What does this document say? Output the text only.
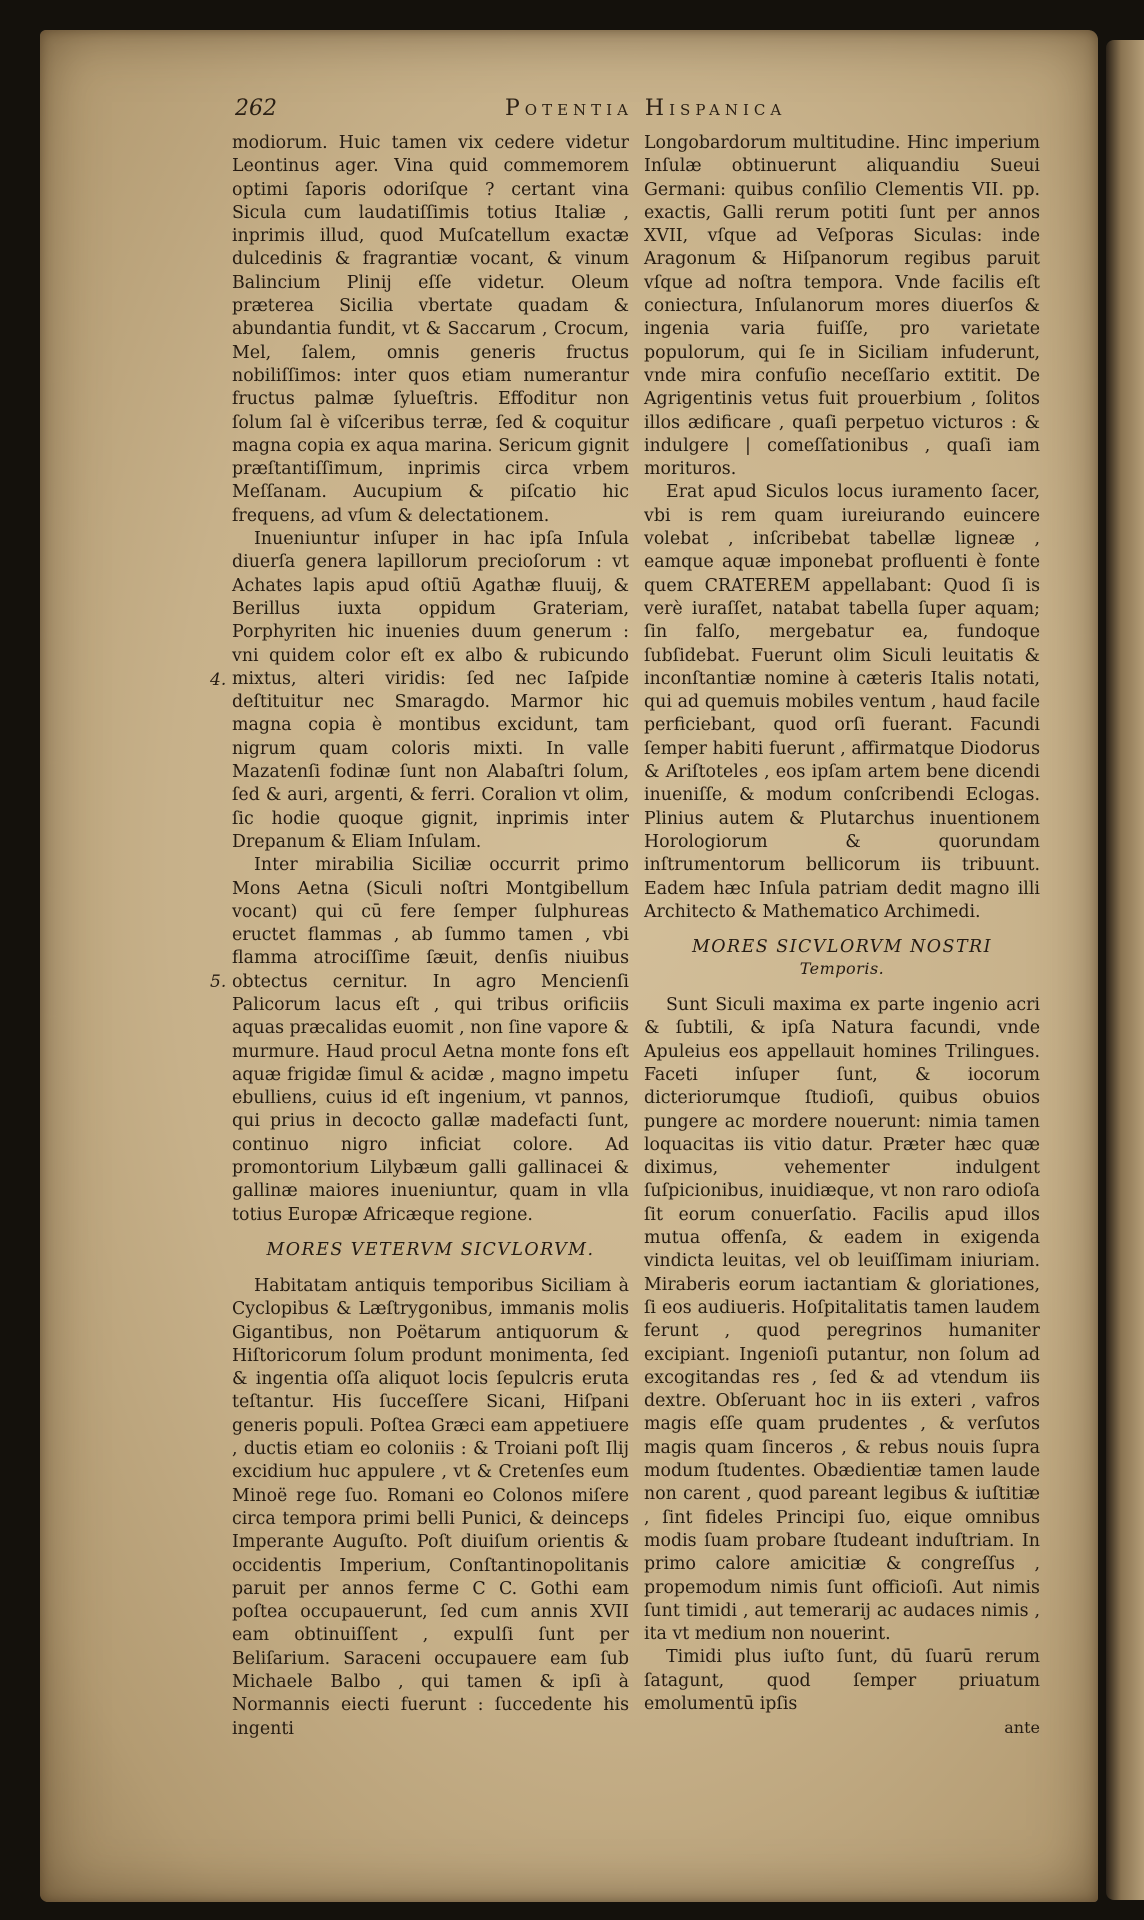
262	Potentia Hispanica
4.
5.

modiorum. Huic tamen vix cedere videtur Leontinus ager. Vina quid commemorem optimi ſaporis odoriſque ? certant vina Sicula cum laudatiſſimis totius Italiæ , inprimis illud, quod Muſcatellum exactæ dulcedinis & fragrantiæ vocant, & vinum Balincium Plinij eſſe videtur. Oleum præterea Sicilia vbertate quadam & abundantia fundit, vt & Saccarum , Crocum, Mel, ſalem, omnis generis fructus nobiliſſimos: inter quos etiam numerantur fructus palmæ ſylueſtris. Effoditur non ſolum ſal è viſceribus terræ, ſed & coquitur magna copia ex aqua marina. Sericum gignit præſtantiſſimum, inprimis circa vrbem Meſſanam. Aucupium & piſcatio hic frequens, ad vſum & delectationem.

Inueniuntur inſuper in hac ipſa Inſula diuerſa genera lapillorum precioſorum : vt Achates lapis apud oſtiū Agathæ fluuij, & Berillus iuxta oppidum Grateriam, Porphyriten hic inuenies duum generum : vni quidem color eſt ex albo & rubicundo mixtus, alteri viridis: ſed nec Iaſpide deſtituitur nec Smaragdo. Marmor hic magna copia è montibus excidunt, tam nigrum quam coloris mixti. In valle Mazatenſi fodinæ ſunt non Alabaſtri ſolum, ſed & auri, argenti, & ferri. Coralion vt olim, ſic hodie quoque gignit, inprimis inter Drepanum & Eliam Inſulam.

Inter mirabilia Siciliæ occurrit primo Mons Aetna (Siculi noſtri Montgibellum vocant) qui cū fere ſemper ſulphureas eructet flammas , ab ſummo tamen , vbi flamma atrociſſime ſæuit, denſis niuibus obtectus cernitur. In agro Mencienſi Palicorum lacus eſt , qui tribus orificiis aquas præcalidas euomit , non ſine vapore & murmure. Haud procul Aetna monte fons eſt aquæ frigidæ ſimul & acidæ , magno impetu ebulliens, cuius id eſt ingenium, vt pannos, qui prius in decocto gallæ madefacti ſunt, continuo nigro inficiat colore. Ad promontorium Lilybæum galli gallinacei & gallinæ maiores inueniuntur, quam in vlla totius Europæ Africæque regione.

MORES VETERVM SICVLORVM.

Habitatam antiquis temporibus Siciliam à Cyclopibus & Læſtrygonibus, immanis molis Gigantibus, non Poëtarum antiquorum & Hiſtoricorum ſolum produnt monimenta, ſed & ingentia oſſa aliquot locis ſepulcris eruta teſtantur. His ſucceſſere Sicani, Hiſpani generis populi. Poſtea Græci eam appetiuere , ductis etiam eo coloniis : & Troiani poſt Ilij excidium huc appulere , vt & Cretenſes eum Minoë rege ſuo. Romani eo Colonos miſere circa tempora primi belli Punici, & deinceps Imperante Auguſto. Poſt diuiſum orientis & occidentis Imperium, Conſtantinopolitanis paruit per annos ferme C C. Gothi eam poſtea occupauerunt, ſed cum annis XVII eam obtinuiſſent , expulſi ſunt per Beliſarium. Saraceni occupauere eam ſub Michaele Balbo , qui tamen & ipſi à Normannis eiecti fuerunt : ſuccedente his ingenti

Longobardorum multitudine. Hinc imperium Inſulæ obtinuerunt aliquandiu Sueui Germani: quibus conſilio Clementis VII. pp. exactis, Galli rerum potiti ſunt per annos XVII, vſque ad Veſporas Siculas: inde Aragonum & Hiſpanorum regibus paruit vſque ad noſtra tempora. Vnde facilis eſt coniectura, Inſulanorum mores diuerſos & ingenia varia fuiſſe, pro varietate populorum, qui ſe in Siciliam infuderunt, vnde mira confuſio neceſſario extitit. De Agrigentinis vetus fuit prouerbium , ſolitos illos ædificare , quaſi perpetuo victuros : & indulgere | comeſſationibus , quaſi iam morituros.

Erat apud Siculos locus iuramento ſacer, vbi is rem quam iureiurando euincere volebat , inſcribebat tabellæ ligneæ , eamque aquæ imponebat profluenti è fonte quem CRATEREM appellabant: Quod ſi is verè iuraſſet, natabat tabella ſuper aquam; ſin falſo, mergebatur ea, fundoque ſubſidebat. Fuerunt olim Siculi leuitatis & inconſtantiæ nomine à cæteris Italis notati, qui ad quemuis mobiles ventum , haud facile perficiebant, quod orſi fuerant. Facundi ſemper habiti fuerunt , affirmatque Diodorus & Ariſtoteles , eos ipſam artem bene dicendi inueniſſe, & modum conſcribendi Eclogas. Plinius autem & Plutarchus inuentionem Horologiorum & quorundam inſtrumentorum bellicorum iis tribuunt. Eadem hæc Inſula patriam dedit magno illi Architecto & Mathematico Archimedi.

MORES SICVLORVM NOSTRI
Temporis.

Sunt Siculi maxima ex parte ingenio acri & ſubtili, & ipſa Natura facundi, vnde Apuleius eos appellauit homines Trilingues. Faceti inſuper ſunt, & iocorum dicteriorumque ſtudioſi, quibus obuios pungere ac mordere nouerunt: nimia tamen loquacitas iis vitio datur. Præter hæc quæ diximus, vehementer indulgent ſuſpicionibus, inuidiæque, vt non raro odioſa ſit eorum conuerſatio. Facilis apud illos mutua offenſa, & eadem in exigenda vindicta leuitas, vel ob leuiſſimam iniuriam. Miraberis eorum iactantiam & gloriationes, ſi eos audiueris. Hoſpitalitatis tamen laudem ferunt , quod peregrinos humaniter excipiant. Ingenioſi putantur, non ſolum ad excogitandas res , ſed & ad vtendum iis dextre. Obſeruant hoc in iis exteri , vafros magis eſſe quam prudentes , & verſutos magis quam ſinceros , & rebus nouis ſupra modum ſtudentes. Obædientiæ tamen laude non carent , quod pareant legibus & iuſtitiæ , ſint fideles Principi ſuo, eique omnibus modis ſuam probare ſtudeant induſtriam. In primo calore amicitiæ & congreſſus , propemodum nimis ſunt officioſi. Aut nimis ſunt timidi , aut temerarij ac audaces nimis , ita vt medium non nouerint.

Timidi plus iuſto ſunt, dū ſuarū rerum ſatagunt, quod ſemper priuatum emolumentū ipſis

ante
